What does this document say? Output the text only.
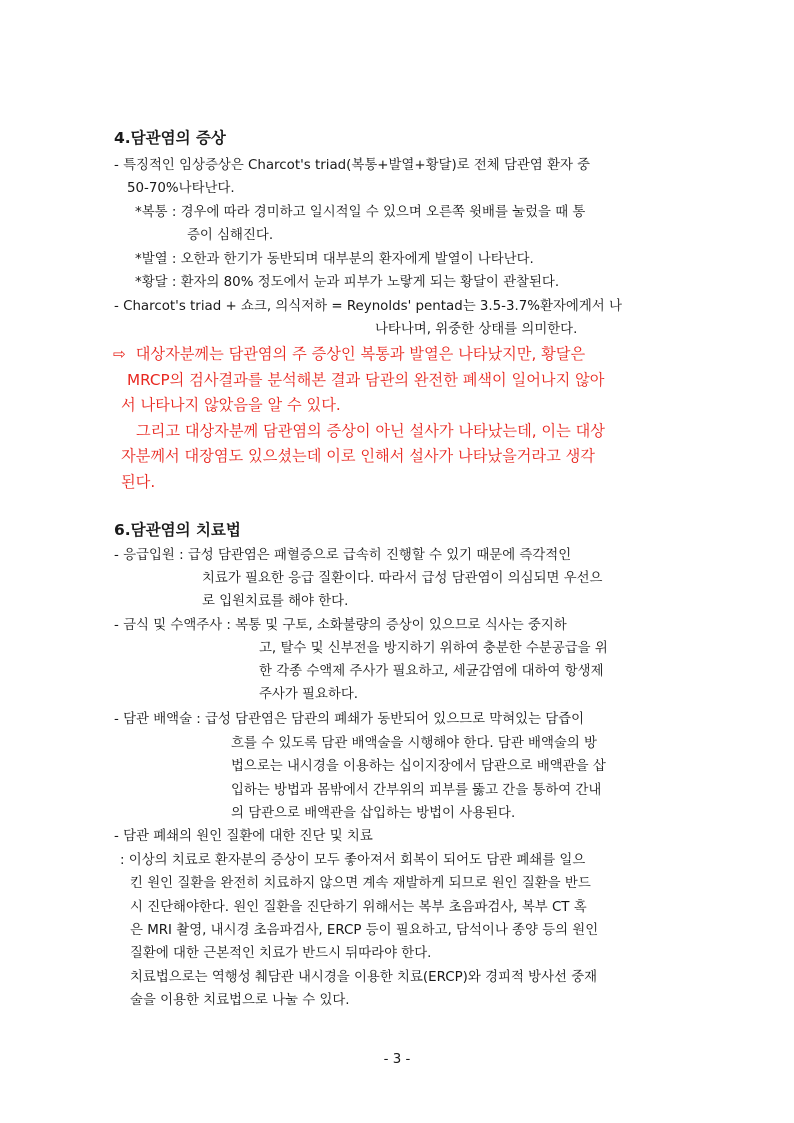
4.담관염의 증상
- 특징적인 임상증상은 Charcot's triad(복통+발열+황달)로 전체 담관염 환자 중
50-70%나타난다.
*복통 : 경우에 따라 경미하고 일시적일 수 있으며 오른쪽 윗배를 눌렀을 때 통
증이 심해진다.
*발열 : 오한과 한기가 동반되며 대부분의 환자에게 발열이 나타난다.
*황달 : 환자의 80% 정도에서 눈과 피부가 노랗게 되는 황달이 관찰된다.
- Charcot's triad + 쇼크, 의식저하 = Reynolds' pentad는 3.5-3.7%환자에게서 나
나타나며, 위중한 상태를 의미한다.
⇨ 대상자분께는 담관염의 주 증상인 복통과 발열은 나타났지만, 황달은
MRCP의 검사결과를 분석해본 결과 담관의 완전한 폐색이 일어나지 않아
서 나타나지 않았음을 알 수 있다.
그리고 대상자분께 담관염의 증상이 아닌 설사가 나타났는데, 이는 대상
자분께서 대장염도 있으셨는데 이로 인해서 설사가 나타났을거라고 생각
된다.
6.담관염의 치료법
- 응급입원 : 급성 담관염은 패혈증으로 급속히 진행할 수 있기 때문에 즉각적인
치료가 필요한 응급 질환이다. 따라서 급성 담관염이 의심되면 우선으
로 입원치료를 해야 한다.
- 금식 및 수액주사 : 복통 및 구토, 소화불량의 증상이 있으므로 식사는 중지하
고, 탈수 및 신부전을 방지하기 위하여 충분한 수분공급을 위
한 각종 수액제 주사가 필요하고, 세균감염에 대하여 항생제
주사가 필요하다.
- 담관 배액술 : 급성 담관염은 담관의 폐쇄가 동반되어 있으므로 막혀있는 담즙이
흐를 수 있도록 담관 배액술을 시행해야 한다. 담관 배액술의 방
법으로는 내시경을 이용하는 십이지장에서 담관으로 배액관을 삽
입하는 방법과 몸밖에서 간부위의 피부를 뚫고 간을 통하여 간내
의 담관으로 배액관을 삽입하는 방법이 사용된다.
- 담관 폐쇄의 원인 질환에 대한 진단 및 치료
: 이상의 치료로 환자분의 증상이 모두 좋아져서 회복이 되어도 담관 폐쇄를 일으
킨 원인 질환을 완전히 치료하지 않으면 계속 재발하게 되므로 원인 질환을 반드
시 진단해야한다. 원인 질환을 진단하기 위해서는 복부 초음파검사, 복부 CT 혹
은 MRI 촬영, 내시경 초음파검사, ERCP 등이 필요하고, 담석이나 종양 등의 원인
질환에 대한 근본적인 치료가 반드시 뒤따라야 한다.
치료법으로는 역행성 췌담관 내시경을 이용한 치료(ERCP)와 경피적 방사선 중재
술을 이용한 치료법으로 나눌 수 있다.
- 3 -
